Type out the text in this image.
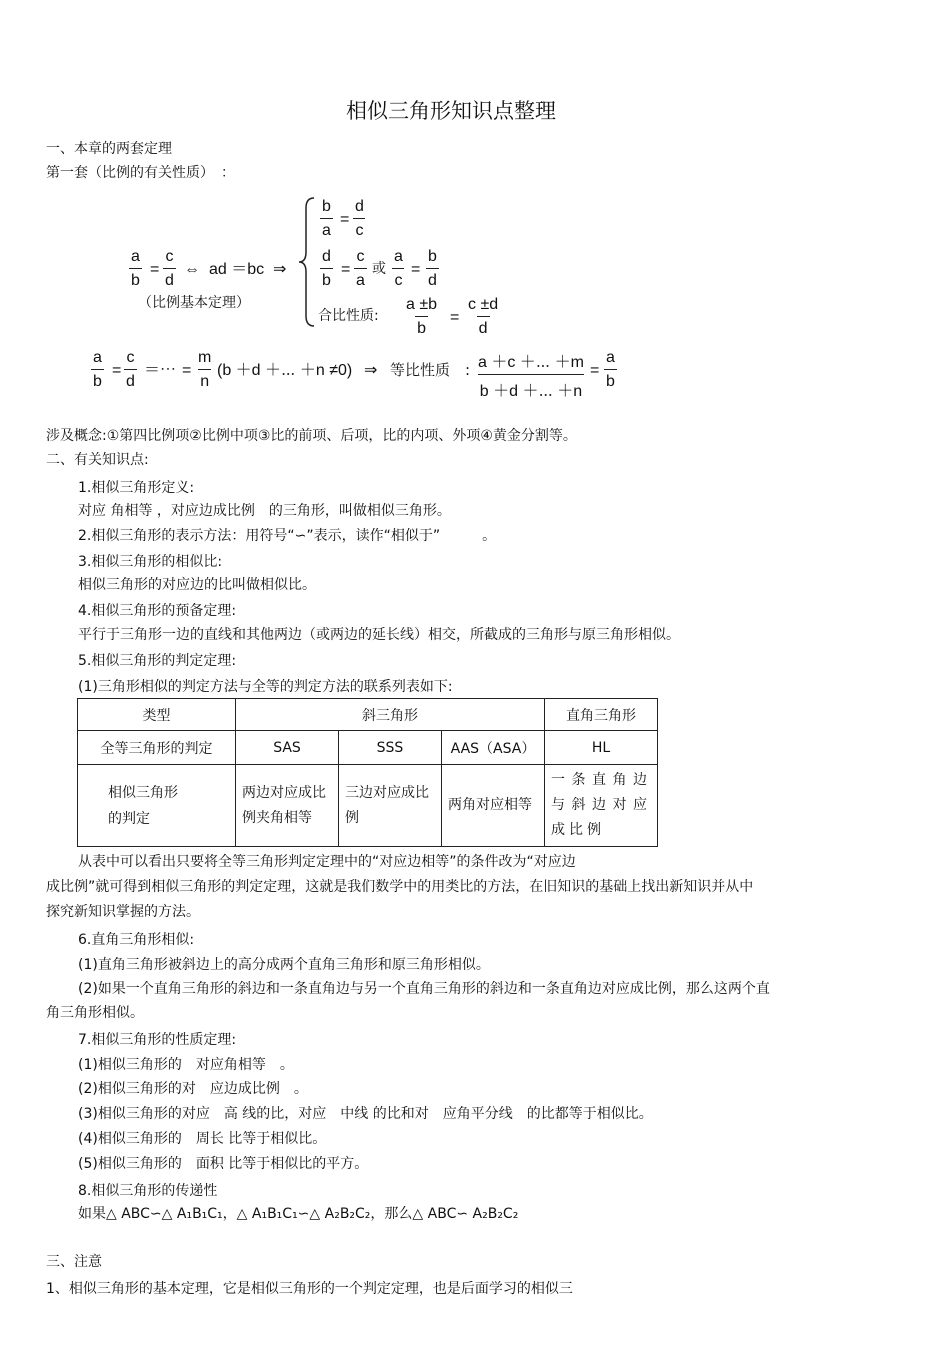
相似三角形知识点整理
一、本章的两套定理
第一套（比例的有关性质）　：
$\frac{a}{b} = \frac{c}{d}$ ⇔ ad ＝bc ⇒
（比例基本定理）
$\frac{b}{a} = \frac{d}{c}$
$\frac{d}{b} = \frac{c}{a}$ 或 $\frac{a}{c} = \frac{b}{d}$
合比性质: $\frac{a \pm b}{b} = \frac{c \pm d}{d}$
$\frac{a}{b} = \frac{c}{d}$ ＝⋯ = $\frac{m}{n} (b +d$ ＋⋯ ＋n ≠0) ⇒ 等比性质　: $\frac{a +c +\cdots +m}{b +d +\cdots +n} = \frac{a}{b}$
涉及概念:①第四比例项②比例中项③比的前项、后项，比的内项、外项④黄金分割等。
二、有关知识点:
1.相似三角形定义:
对应 角相等 ，对应边成比例　的三角形，叫做相似三角形。
2.相似三角形的表示方法：用符号“∽”表示，读作“相似于”　　　。
3.相似三角形的相似比:
相似三角形的对应边的比叫做相似比。
4.相似三角形的预备定理:
平行于三角形一边的直线和其他两边（或两边的延长线）相交，所截成的三角形与原三角形相似。
5.相似三角形的判定定理:
(1)三角形相似的判定方法与全等的判定方法的联系列表如下:
类型	斜三角形			直角三角形
全等三角形的判定	SAS	SSS	AAS（ASA）	HL
相似三角形
的判定	两边对应成比例夹角相等	三边对应成比例	两角对应相等	一条直角边与斜边对应成比例
从表中可以看出只要将全等三角形判定定理中的“对应边相等”的条件改为“对应边
成比例”就可得到相似三角形的判定定理，这就是我们数学中的用类比的方法，在旧知识的基础上找出新知识并从中
探究新知识掌握的方法。
6.直角三角形相似:
(1)直角三角形被斜边上的高分成两个直角三角形和原三角形相似。
(2)如果一个直角三角形的斜边和一条直角边与另一个直角三角形的斜边和一条直角边对应成比例，那么这两个直
角三角形相似。
7.相似三角形的性质定理:
(1)相似三角形的　对应角相等　。
(2)相似三角形的对　应边成比例　。
(3)相似三角形的对应　高 线的比，对应　中线 的比和对　应角平分线　的比都等于相似比。
(4)相似三角形的　周长 比等于相似比。
(5)相似三角形的　面积 比等于相似比的平方。
8.相似三角形的传递性
如果△ ABC∽△ A₁B₁C₁，△ A₁B₁C₁∽△ A₂B₂C₂，那么△ ABC∽ A₂B₂C₂
三、注意
1、相似三角形的基本定理，它是相似三角形的一个判定定理，也是后面学习的相似三
